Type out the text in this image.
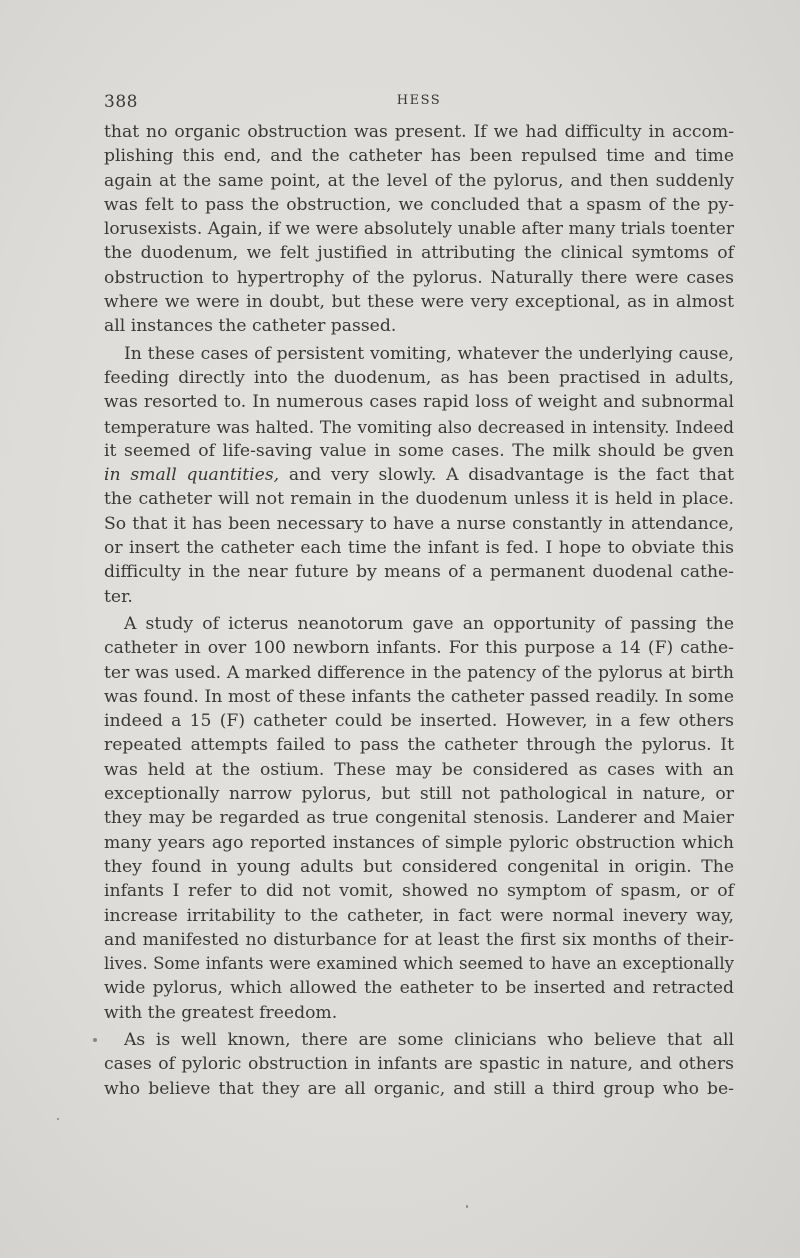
388	HESS

that no organic obstruction was present. If we had difficulty in accom-
plishing this end, and the catheter has been repulsed time and time
again at the same point, at the level of the pylorus, and then suddenly
was felt to pass the obstruction, we concluded that a spasm of the py-
lorusexists. Again, if we were absolutely unable after many trials toenter
the duodenum, we felt justified in attributing the clinical symtoms of
obstruction to hypertrophy of the pylorus. Naturally there were cases
where we were in doubt, but these were very exceptional, as in almost
all instances the catheter passed.

In these cases of persistent vomiting, whatever the underlying cause,
feeding directly into the duodenum, as has been practised in adults,
was resorted to. In numerous cases rapid loss of weight and subnormal
temperature was halted. The vomiting also decreased in intensity. Indeed
it seemed of life-saving value in some cases. The milk should be gven
in small quantities, and very slowly. A disadvantage is the fact that
the catheter will not remain in the duodenum unless it is held in place.
So that it has been necessary to have a nurse constantly in attendance,
or insert the catheter each time the infant is fed. I hope to obviate this
difficulty in the near future by means of a permanent duodenal cathe-
ter.

A study of icterus neanotorum gave an opportunity of passing the
catheter in over 100 newborn infants. For this purpose a 14 (F) cathe-
ter was used. A marked difference in the patency of the pylorus at birth
was found. In most of these infants the catheter passed readily. In some
indeed a 15 (F) catheter could be inserted. However, in a few others
repeated attempts failed to pass the catheter through the pylorus. It
was held at the ostium. These may be considered as cases with an
exceptionally narrow pylorus, but still not pathological in nature, or
they may be regarded as true congenital stenosis. Landerer and Maier
many years ago reported instances of simple pyloric obstruction which
they found in young adults but considered congenital in origin. The
infants I refer to did not vomit, showed no symptom of spasm, or of
increase irritability to the catheter, in fact were normal inevery way,
and manifested no disturbance for at least the first six months of their-
lives. Some infants were examined which seemed to have an exceptionally
wide pylorus, which allowed the eatheter to be inserted and retracted
with the greatest freedom.

As is well known, there are some clinicians who believe that all
cases of pyloric obstruction in infants are spastic in nature, and others
who believe that they are all organic, and still a third group who be-
